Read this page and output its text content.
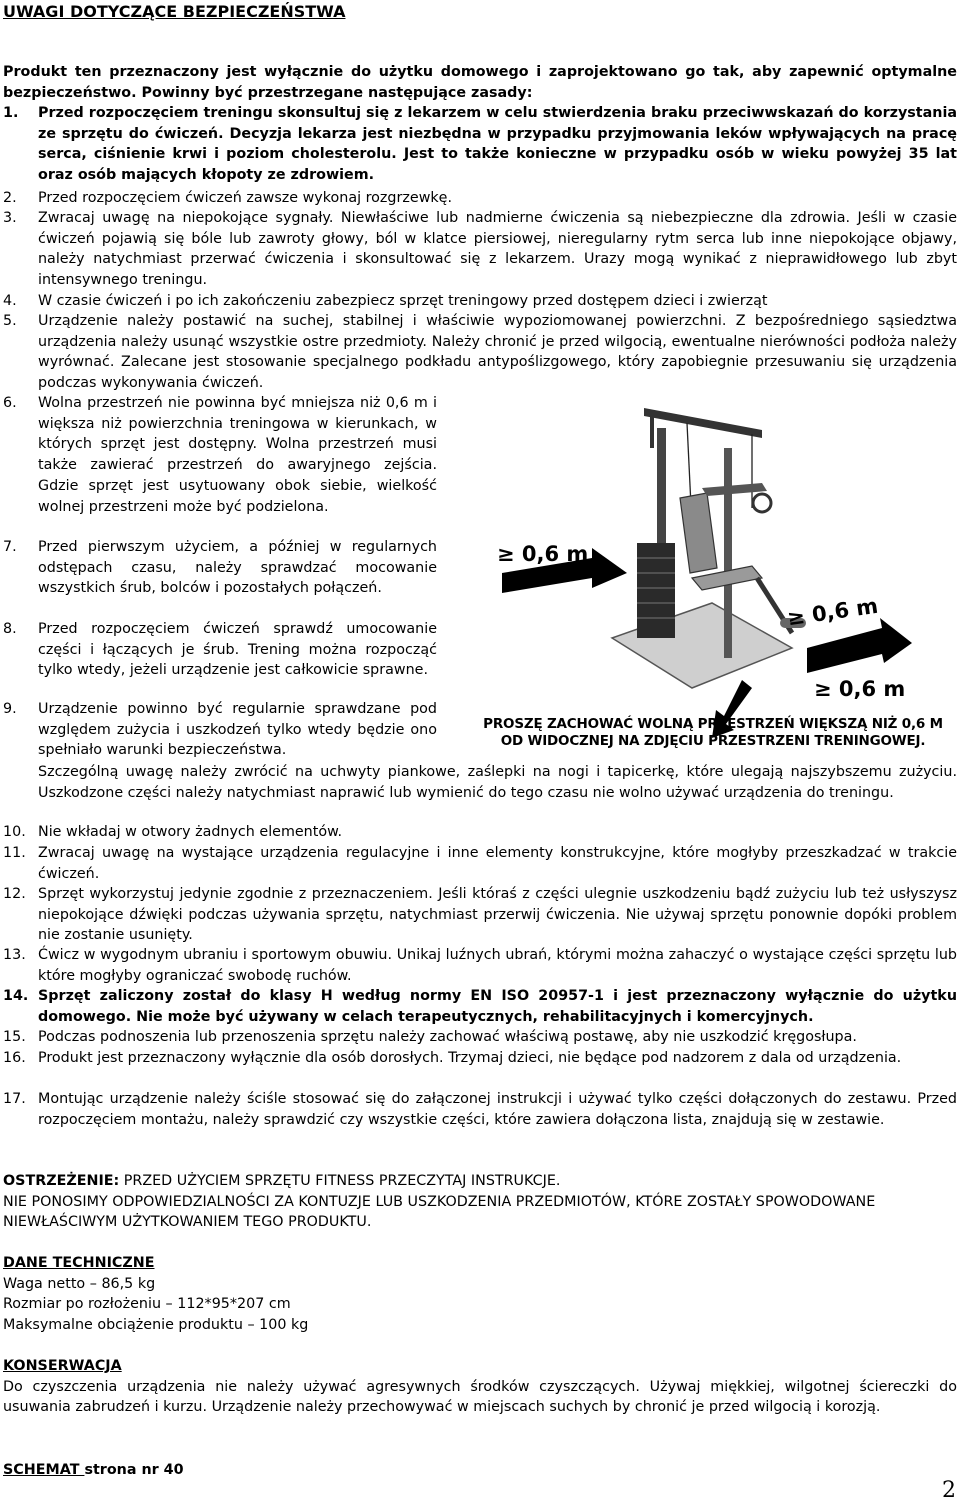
UWAGI DOTYCZĄCE BEZPIECZEŃSTWA
Produkt ten przeznaczony jest wyłącznie do użytku domowego i zaprojektowano go tak, aby zapewnić optymalne bezpieczeństwo. Powinny być przestrzegane następujące zasady:
1. Przed rozpoczęciem treningu skonsultuj się z lekarzem w celu stwierdzenia braku przeciwwskazań do korzystania ze sprzętu do ćwiczeń. Decyzja lekarza jest niezbędna w przypadku przyjmowania leków wpływających na pracę serca, ciśnienie krwi i poziom cholesterolu. Jest to także konieczne w przypadku osób w wieku powyżej 35 lat oraz osób mających kłopoty ze zdrowiem.
2. Przed rozpoczęciem ćwiczeń zawsze wykonaj rozgrzewkę.
3. Zwracaj uwagę na niepokojące sygnały. Niewłaściwe lub nadmierne ćwiczenia są niebezpieczne dla zdrowia. Jeśli w czasie ćwiczeń pojawią się bóle lub zawroty głowy, ból w klatce piersiowej, nieregularny rytm serca lub inne niepokojące objawy, należy natychmiast przerwać ćwiczenia i skonsultować się z lekarzem. Urazy mogą wynikać z nieprawidłowego lub zbyt intensywnego treningu.
4. W czasie ćwiczeń i po ich zakończeniu zabezpiecz sprzęt treningowy przed dostępem dzieci i zwierząt
5. Urządzenie należy postawić na suchej, stabilnej i właściwie wypoziomowanej powierzchni. Z bezpośredniego sąsiedztwa urządzenia należy usunąć wszystkie ostre przedmioty. Należy chronić je przed wilgocią, ewentualne nierówności podłoża należy wyrównać. Zalecane jest stosowanie specjalnego podkładu antypoślizgowego, który zapobiegnie przesuwaniu się urządzenia podczas wykonywania ćwiczeń.
6. Wolna przestrzeń nie powinna być mniejsza niż 0,6 m i większa niż powierzchnia treningowa w kierunkach, w których sprzęt jest dostępny. Wolna przestrzeń musi także zawierać przestrzeń do awaryjnego zejścia. Gdzie sprzęt jest usytuowany obok siebie, wielkość wolnej przestrzeni może być podzielona.
7. Przed pierwszym użyciem, a później w regularnych odstępach czasu, należy sprawdzać mocowanie wszystkich śrub, bolców i pozostałych połączeń.
8. Przed rozpoczęciem ćwiczeń sprawdź umocowanie części i łączących je śrub. Trening można rozpocząć tylko wtedy, jeżeli urządzenie jest całkowicie sprawne.
9. Urządzenie powinno być regularnie sprawdzane pod względem zużycia i uszkodzeń tylko wtedy będzie ono spełniało warunki bezpieczeństwa.
Szczególną uwagę należy zwrócić na uchwyty piankowe, zaślepki na nogi i tapicerkę, które ulegają najszybszemu zużyciu. Uszkodzone części należy natychmiast naprawić lub wymienić do tego czasu nie wolno używać urządzenia do treningu.
10. Nie wkładaj w otwory żadnych elementów.
11. Zwracaj uwagę na wystające urządzenia regulacyjne i inne elementy konstrukcyjne, które mogłyby przeszkadzać w trakcie ćwiczeń.
12. Sprzęt wykorzystuj jedynie zgodnie z przeznaczeniem. Jeśli któraś z części ulegnie uszkodzeniu bądź zużyciu lub też usłyszysz niepokojące dźwięki podczas używania sprzętu, natychmiast przerwij ćwiczenia. Nie używaj sprzętu ponownie dopóki problem nie zostanie usunięty.
13. Ćwicz w wygodnym ubraniu i sportowym obuwiu. Unikaj luźnych ubrań, którymi można zahaczyć o wystające części sprzętu lub które mogłyby ograniczać swobodę ruchów.
14. Sprzęt zaliczony został do klasy H według normy EN ISO 20957-1 i jest przeznaczony wyłącznie do użytku domowego. Nie może być używany w celach terapeutycznych, rehabilitacyjnych i komercyjnych.
15. Podczas podnoszenia lub przenoszenia sprzętu należy zachować właściwą postawę, aby nie uszkodzić kręgosłupa.
16. Produkt jest przeznaczony wyłącznie dla osób dorosłych. Trzymaj dzieci, nie będące pod nadzorem z dala od urządzenia.
17. Montując urządzenie należy ściśle stosować się do załączonej instrukcji i używać tylko części dołączonych do zestawu. Przed rozpoczęciem montażu, należy sprawdzić czy wszystkie części, które zawiera dołączona lista, znajdują się w zestawie.
≥ 0,6 m
≥ 0,6 m
≥ 0,6 m
PROSZĘ ZACHOWAĆ WOLNĄ PRZESTRZEŃ WIĘKSZĄ NIŻ 0,6 M
OD WIDOCZNEJ NA ZDJĘCIU PRZESTRZENI TRENINGOWEJ.
OSTRZEŻENIE: PRZED UŻYCIEM SPRZĘTU FITNESS PRZECZYTAJ INSTRUKCJE.
NIE PONOSIMY ODPOWIEDZIALNOŚCI ZA KONTUZJE LUB USZKODZENIA PRZEDMIOTÓW, KTÓRE ZOSTAŁY SPOWODOWANE NIEWŁAŚCIWYM UŻYTKOWANIEM TEGO PRODUKTU.
DANE TECHNICZNE
Waga netto – 86,5 kg
Rozmiar po rozłożeniu – 112*95*207 cm
Maksymalne obciążenie produktu – 100 kg
KONSERWACJA
Do czyszczenia urządzenia nie należy używać agresywnych środków czyszczących. Używaj miękkiej, wilgotnej ściereczki do usuwania zabrudzeń i kurzu. Urządzenie należy przechowywać w miejscach suchych by chronić je przed wilgocią i korozją.
SCHEMAT strona nr 40
2
